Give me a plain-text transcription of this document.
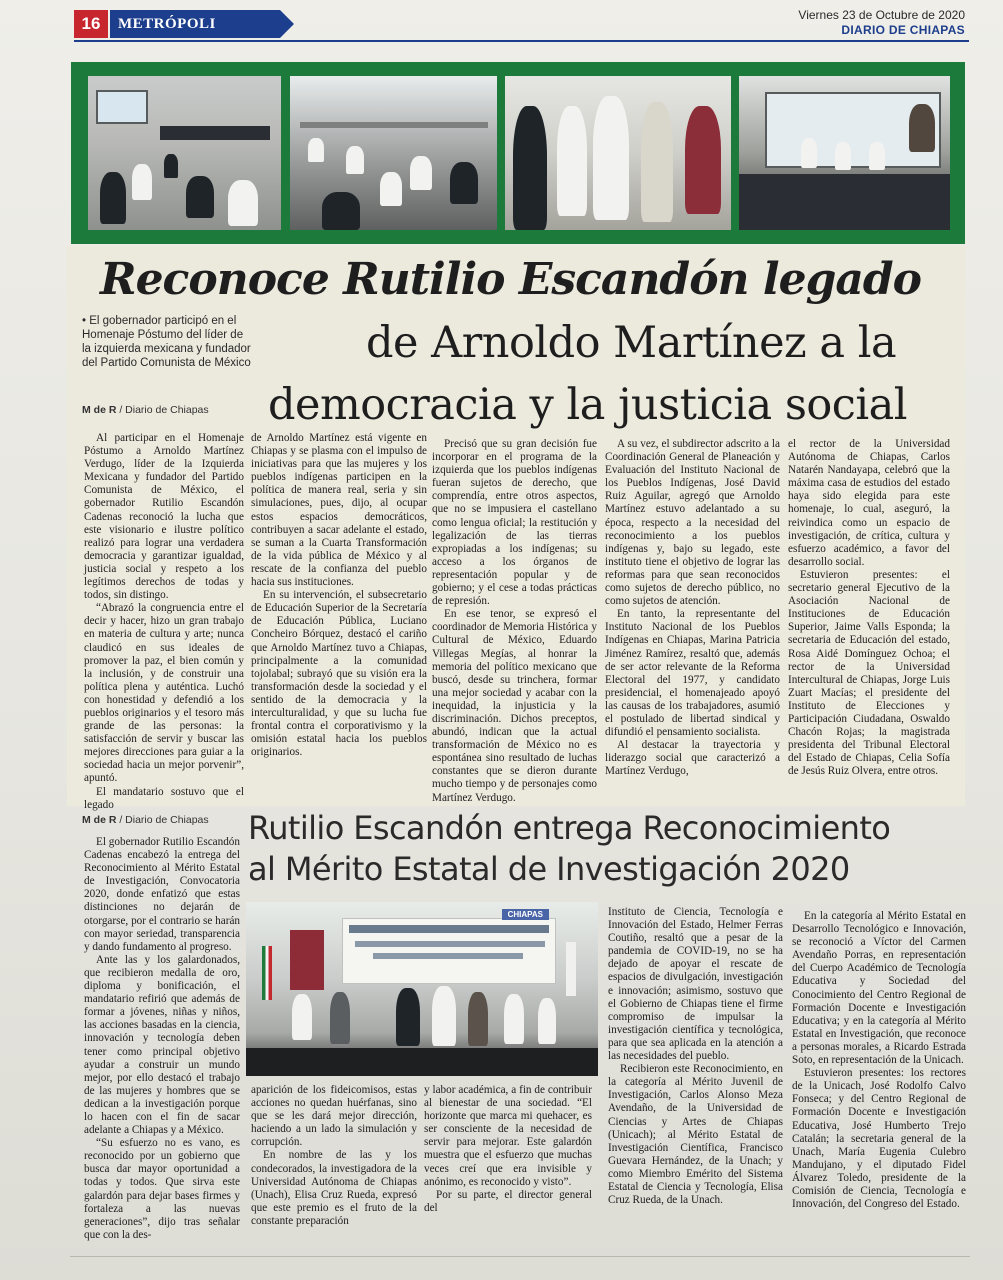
16	METRÓPOLI
Viernes 23 de Octubre de 2020
DIARIO DE CHIAPAS
Reconoce Rutilio Escandón legado
de Arnoldo Martínez a la
democracia y la justicia social
• El gobernador participó en el Homenaje Póstumo del líder de la izquierda mexicana y fundador del Partido Comunista de México
M de R / Diario de Chiapas

Al participar en el Homenaje Póstumo a Arnoldo Martínez Verdugo, líder de la Izquierda Mexicana y fundador del Partido Comunista de México, el gobernador Rutilio Escandón Cadenas reconoció la lucha que este visionario e ilustre político realizó para lograr una verdadera democracia y garantizar igualdad, justicia social y respeto a los legítimos derechos de todas y todos, sin distingo.

“Abrazó la congruencia entre el decir y hacer, hizo un gran trabajo en materia de cultura y arte; nunca claudicó en sus ideales de promover la paz, el bien común y la inclusión, y de construir una política plena y auténtica. Luchó con honestidad y defendió a los pueblos originarios y el tesoro más grande de las personas: la satisfacción de servir y buscar las mejores direcciones para guiar a la sociedad hacia un mejor porvenir”, apuntó.

El mandatario sostuvo que el legado

de Arnoldo Martínez está vigente en Chiapas y se plasma con el impulso de iniciativas para que las mujeres y los pueblos indígenas participen en la política de manera real, seria y sin simulaciones, pues, dijo, al ocupar estos espacios democráticos, contribuyen a sacar adelante el estado, se suman a la Cuarta Transformación de la vida pública de México y al rescate de la confianza del pueblo hacia sus instituciones.

En su intervención, el subsecretario de Educación Superior de la Secretaría de Educación Pública, Luciano Concheiro Bórquez, destacó el cariño que Arnoldo Martínez tuvo a Chiapas, principalmente a la comunidad tojolabal; subrayó que su visión era la transformación desde la sociedad y el sentido de la democracia y la interculturalidad, y que su lucha fue frontal contra el corporativismo y la omisión estatal hacia los pueblos originarios.

Precisó que su gran decisión fue incorporar en el programa de la izquierda que los pueblos indígenas fueran sujetos de derecho, que comprendía, entre otros aspectos, que no se impusiera el castellano como lengua oficial; la restitución y legalización de las tierras expropiadas a los indígenas; su acceso a los órganos de representación popular y de gobierno; y el cese a todas prácticas de represión.

En ese tenor, se expresó el coordinador de Memoria Histórica y Cultural de México, Eduardo Villegas Megías, al honrar la memoria del político mexicano que buscó, desde su trinchera, formar una mejor sociedad y acabar con la inequidad, la injusticia y la discriminación. Dichos preceptos, abundó, indican que la actual transformación de México no es espontánea sino resultado de luchas constantes que se dieron durante mucho tiempo y de personajes como Martínez Verdugo.

A su vez, el subdirector adscrito a la Coordinación General de Planeación y Evaluación del Instituto Nacional de los Pueblos Indígenas, José David Ruiz Aguilar, agregó que Arnoldo Martínez estuvo adelantado a su época, respecto a la necesidad del reconocimiento a los pueblos indígenas y, bajo su legado, este instituto tiene el objetivo de lograr las reformas para que sean reconocidos como sujetos de derecho público, no como sujetos de atención.

En tanto, la representante del Instituto Nacional de los Pueblos Indígenas en Chiapas, Marina Patricia Jiménez Ramírez, resaltó que, además de ser actor relevante de la Reforma Electoral del 1977, y candidato presidencial, el homenajeado apoyó las causas de los trabajadores, asumió el postulado de libertad sindical y difundió el pensamiento socialista.

Al destacar la trayectoria y liderazgo social que caracterizó a Martínez Verdugo,

el rector de la Universidad Autónoma de Chiapas, Carlos Natarén Nandayapa, celebró que la máxima casa de estudios del estado haya sido elegida para este homenaje, lo cual, aseguró, la reivindica como un espacio de investigación, de crítica, cultura y esfuerzo académico, a favor del desarrollo social.

Estuvieron presentes: el secretario general Ejecutivo de la Asociación Nacional de Instituciones de Educación Superior, Jaime Valls Esponda; la secretaria de Educación del estado, Rosa Aidé Domínguez Ochoa; el rector de la Universidad Intercultural de Chiapas, Jorge Luis Zuart Macías; el presidente del Instituto de Elecciones y Participación Ciudadana, Oswaldo Chacón Rojas; la magistrada presidenta del Tribunal Electoral del Estado de Chiapas, Celia Sofía de Jesús Ruiz Olvera, entre otros.

M de R / Diario de Chiapas Rutilio Escandón entrega Reconocimiento
al Mérito Estatal de Investigación 2020
CHIAPAS

El gobernador Rutilio Escandón Cadenas encabezó la entrega del Reconocimiento al Mérito Estatal de Investigación, Convocatoria 2020, donde enfatizó que estas distinciones no dejarán de otorgarse, por el contrario se harán con mayor seriedad, transparencia y dando fundamento al progreso.

Ante las y los galardonados, que recibieron medalla de oro, diploma y bonificación, el mandatario refirió que además de formar a jóvenes, niñas y niños, las acciones basadas en la ciencia, innovación y tecnología deben tener como principal objetivo ayudar a construir un mundo mejor, por ello destacó el trabajo de las mujeres y hombres que se dedican a la investigación porque lo hacen con el fin de sacar adelante a Chiapas y a México.

“Su esfuerzo no es vano, es reconocido por un gobierno que busca dar mayor oportunidad a todas y todos. Que sirva este galardón para dejar bases firmes y fortaleza a las nuevas generaciones”, dijo tras señalar que con la des-

aparición de los fideicomisos, estas acciones no quedan huérfanas, sino que se les dará mejor dirección, haciendo a un lado la simulación y corrupción.

En nombre de las y los condecorados, la investigadora de la Universidad Autónoma de Chiapas (Unach), Elisa Cruz Rueda, expresó que este premio es el fruto de la constante preparación

y labor académica, a fin de contribuir al bienestar de una sociedad. “El horizonte que marca mi quehacer, es ser consciente de la necesidad de servir para mejorar. Este galardón muestra que el esfuerzo que muchas veces creí que era invisible y anónimo, es reconocido y visto”.

Por su parte, el director general del

Instituto de Ciencia, Tecnología e Innovación del Estado, Helmer Ferras Coutiño, resaltó que a pesar de la pandemia de COVID-19, no se ha dejado de apoyar el rescate de espacios de divulgación, investigación e innovación; asimismo, sostuvo que el Gobierno de Chiapas tiene el firme compromiso de impulsar la investigación científica y tecnológica, para que sea aplicada en la atención a las necesidades del pueblo.

Recibieron este Reconocimiento, en la categoría al Mérito Juvenil de Investigación, Carlos Alonso Meza Avendaño, de la Universidad de Ciencias y Artes de Chiapas (Unicach); al Mérito Estatal de Investigación Científica, Francisco Guevara Hernández, de la Unach; y como Miembro Emérito del Sistema Estatal de Ciencia y Tecnología, Elisa Cruz Rueda, de la Unach.

En la categoría al Mérito Estatal en Desarrollo Tecnológico e Innovación, se reconoció a Víctor del Carmen Avendaño Porras, en representación del Cuerpo Académico de Tecnología Educativa y Sociedad del Conocimiento del Centro Regional de Formación Docente e Investigación Educativa; y en la categoría al Mérito Estatal en Investigación, que reconoce a personas morales, a Ricardo Estrada Soto, en representación de la Unicach.

Estuvieron presentes: los rectores de la Unicach, José Rodolfo Calvo Fonseca; y del Centro Regional de Formación Docente e Investigación Educativa, José Humberto Trejo Catalán; la secretaria general de la Unach, María Eugenia Culebro Mandujano, y el diputado Fidel Álvarez Toledo, presidente de la Comisión de Ciencia, Tecnología e Innovación, del Congreso del Estado.
